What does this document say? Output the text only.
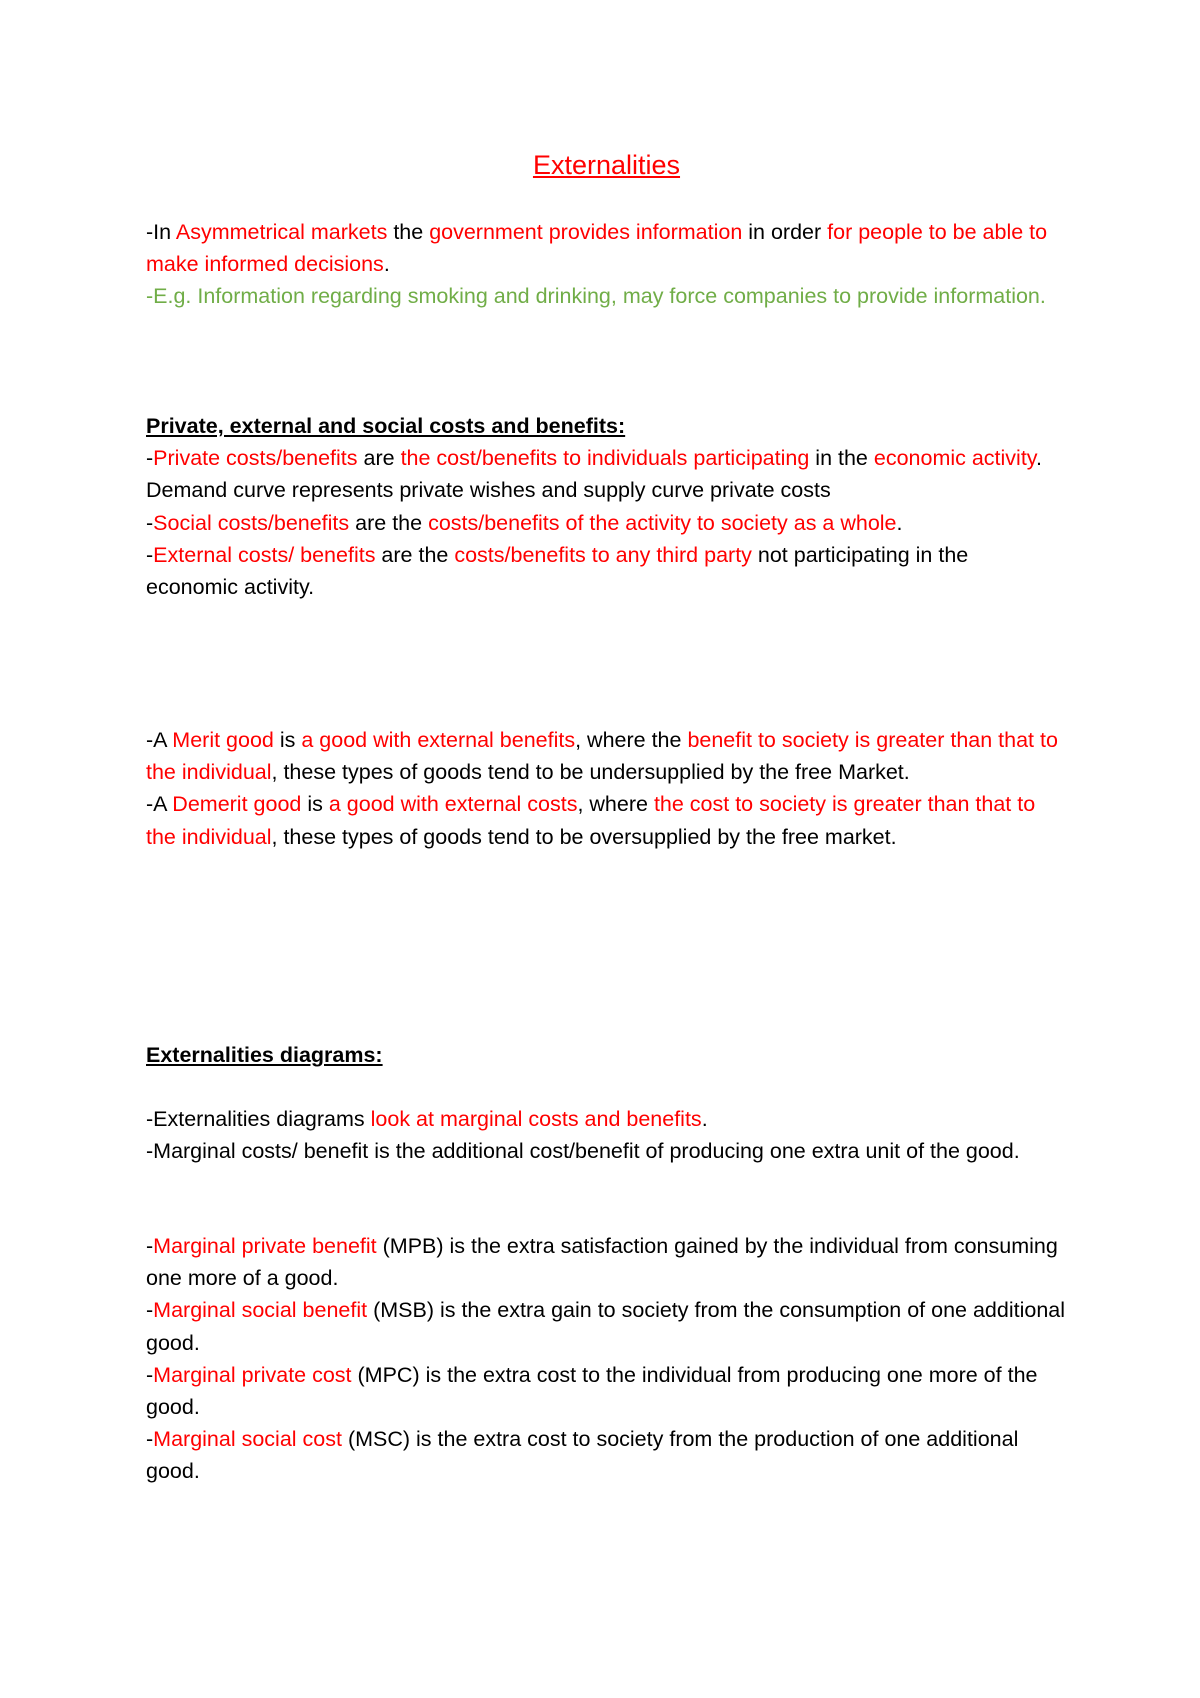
Externalities

-In Asymmetrical markets the government provides information in order for people to be able to make informed decisions.

-E.g. Information regarding smoking and drinking, may force companies to provide information.

Private, external and social costs and benefits:

-Private costs/benefits are the cost/benefits to individuals participating in the economic activity. Demand curve represents private wishes and supply curve private costs

-Social costs/benefits are the costs/benefits of the activity to society as a whole.

-External costs/ benefits are the costs/benefits to any third party not participating in the economic activity.

-A Merit good is a good with external benefits, where the benefit to society is greater than that to the individual, these types of goods tend to be undersupplied by the free Market.

-A Demerit good is a good with external costs, where the cost to society is greater than that to the individual, these types of goods tend to be oversupplied by the free market.

Externalities diagrams:

-Externalities diagrams look at marginal costs and benefits.

-Marginal costs/ benefit is the additional cost/benefit of producing one extra unit of the good.

-Marginal private benefit (MPB) is the extra satisfaction gained by the individual from consuming one more of a good.

-Marginal social benefit (MSB) is the extra gain to society from the consumption of one additional good.

-Marginal private cost (MPC) is the extra cost to the individual from producing one more of the good.

-Marginal social cost (MSC) is the extra cost to society from the production of one additional good.
